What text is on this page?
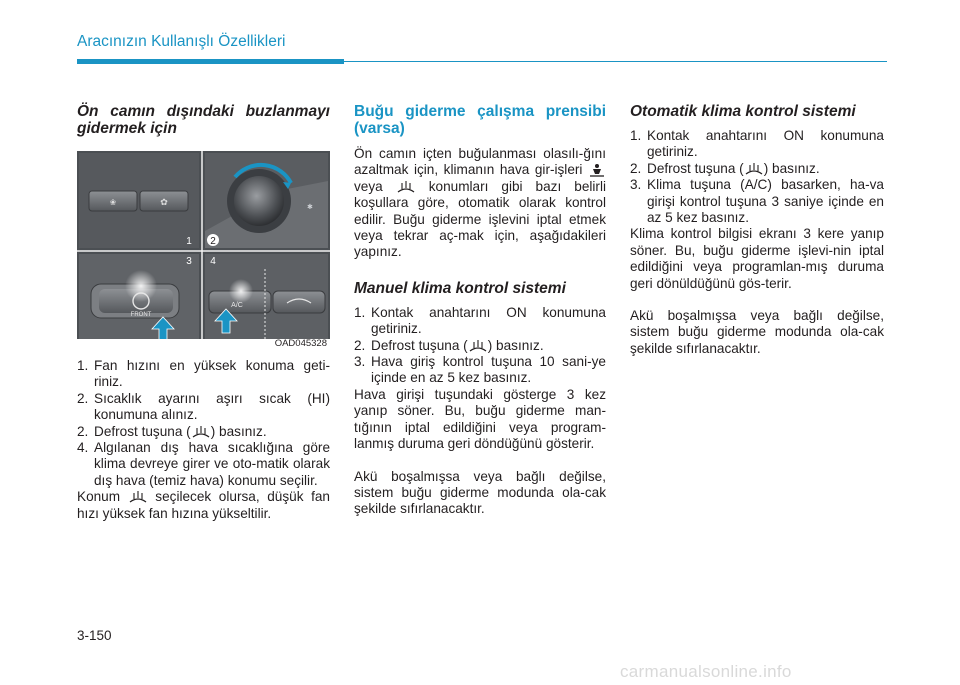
Aracınızın Kullanışlı Özellikleri

Ön camın dışındaki buzlanmayı gidermek için

❀	✿
✱
FRONT
A/C
1 2
3 4
OAD045328

1. Fan hızını en yüksek konuma geti-riniz.

2. Sıcaklık ayarını aşırı sıcak (HI) konumuna alınız.

2. Defrost tuşuna ( ) basınız.

4. Algılanan dış hava sıcaklığına göre klima devreye girer ve oto-matik olarak dış hava (temiz hava) konumu seçilir.

Konum	seçilecek olursa, düşük fan hızı yüksek fan hızına yükseltilir.

Buğu giderme çalışma prensibi (varsa)

Ön camın içten buğulanması olasılı-ğını azaltmak için, klimanın hava gir-işleri  veya	konumları gibi bazı belirli koşullara göre, otomatik olarak kontrol edilir. Buğu giderme işlevini iptal etmek veya tekrar aç-mak için, aşağıdakileri yapınız.

Manuel klima kontrol sistemi

1. Kontak anahtarını ON konumuna getiriniz.

2. Defrost tuşuna ( ) basınız.

3. Hava giriş kontrol tuşuna 10 sani-ye içinde en az 5 kez basınız.

Hava girişi tuşundaki gösterge 3 kez yanıp söner. Bu, buğu giderme man-tığının iptal edildiğini veya program-lanmış duruma geri döndüğünü gösterir.

Akü boşalmışsa veya bağlı değilse, sistem buğu giderme modunda ola-cak şekilde sıfırlanacaktır.

Otomatik klima kontrol sistemi

1. Kontak anahtarını ON konumuna getiriniz.

2. Defrost tuşuna ( ) basınız.

3. Klima tuşuna (A/C) basarken, ha-va girişi kontrol tuşuna 3 saniye içinde en az 5 kez basınız.

Klima kontrol bilgisi ekranı 3 kere yanıp söner. Bu, buğu giderme işlevi-nin iptal edildiğini veya programlan-mış duruma geri dönüldüğünü gös-terir.

Akü boşalmışsa veya bağlı değilse, sistem buğu giderme modunda ola-cak şekilde sıfırlanacaktır.

3-150
carmanualsonline.info
